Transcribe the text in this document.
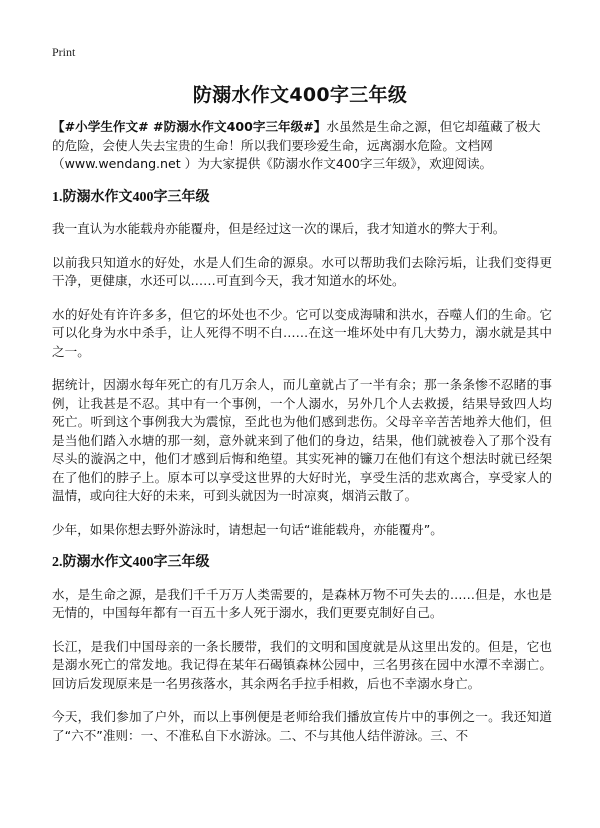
Print
防溺水作文400字三年级

【#小学生作文# #防溺水作文400字三年级#】水虽然是生命之源，但它却蕴藏了极大的危险，会使人失去宝贵的生命！所以我们要珍爱生命，远离溺水危险。文档网（www.wendang.net ）为大家提供《防溺水作文400字三年级》，欢迎阅读。

1.防溺水作文400字三年级

我一直认为水能载舟亦能覆舟，但是经过这一次的课后，我才知道水的弊大于利。

以前我只知道水的好处，水是人们生命的源泉。水可以帮助我们去除污垢，让我们变得更干净，更健康，水还可以……可直到今天，我才知道水的坏处。

水的好处有许许多多，但它的坏处也不少。它可以变成海啸和洪水，吞噬人们的生命。它可以化身为水中杀手，让人死得不明不白……在这一堆坏处中有几大势力，溺水就是其中之一。

据统计，因溺水每年死亡的有几万余人，而儿童就占了一半有余；那一条条惨不忍睹的事例，让我甚是不忍。其中有一个事例，一个人溺水，另外几个人去救援，结果导致四人均死亡。听到这个事例我大为震惊，至此也为他们感到悲伤。父母辛辛苦苦地养大他们，但是当他们踏入水塘的那一刻，意外就来到了他们的身边，结果，他们就被卷入了那个没有尽头的漩涡之中，他们才感到后悔和绝望。其实死神的镰刀在他们有这个想法时就已经架在了他们的脖子上。原本可以享受这世界的大好时光，享受生活的悲欢离合，享受家人的温情，或向往大好的未来，可到头就因为一时凉爽，烟消云散了。

少年，如果你想去野外游泳时，请想起一句话“谁能载舟，亦能覆舟”。

2.防溺水作文400字三年级

水，是生命之源，是我们千千万万人类需要的，是森林万物不可失去的……但是，水也是无情的，中国每年都有一百五十多人死于溺水，我们更要克制好自己。

长江，是我们中国母亲的一条长腰带，我们的文明和国度就是从这里出发的。但是，它也是溺水死亡的常发地。我记得在某年石碣镇森林公园中，三名男孩在园中水潭不幸溺亡。回访后发现原来是一名男孩落水，其余两名手拉手相救，后也不幸溺水身亡。

今天，我们参加了户外，而以上事例便是老师给我们播放宣传片中的事例之一。我还知道了“六不”准则：一、不准私自下水游泳。二、不与其他人结伴游泳。三、不
